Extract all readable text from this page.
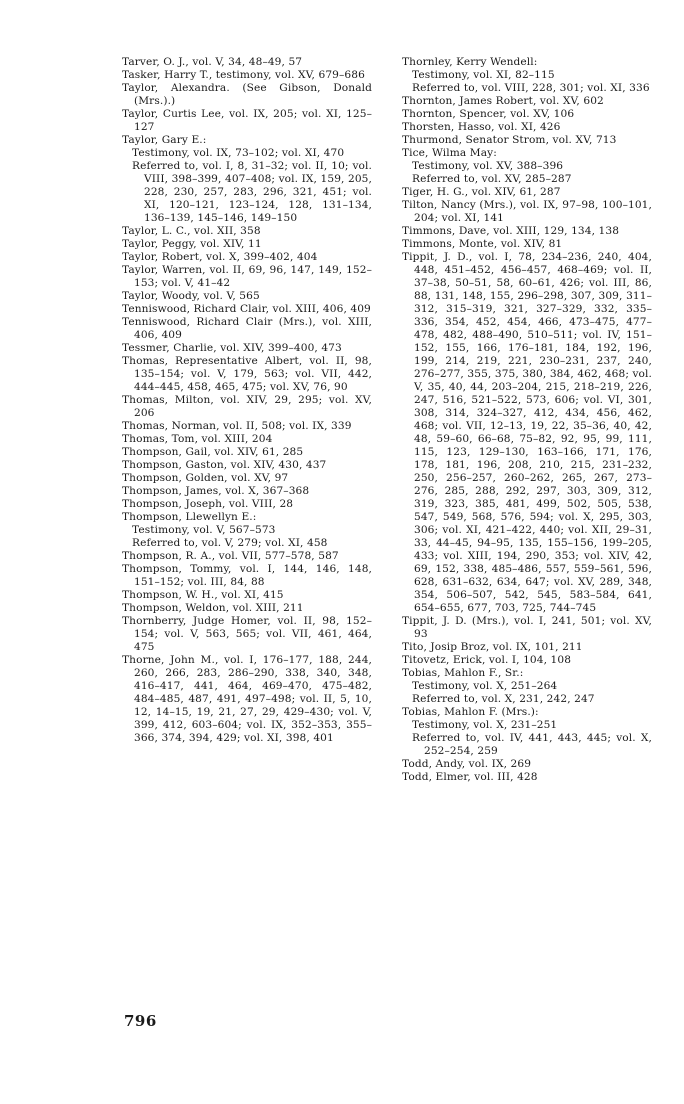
Tarver, O. J., vol. V, 34, 48–49, 57

Tasker, Harry T., testimony, vol. XV, 679–686

Taylor, Alexandra. (See Gibson, Donald (Mrs.).)

Taylor, Curtis Lee, vol. IX, 205; vol. XI, 125–127

Taylor, Gary E.:

Testimony, vol. IX, 73–102; vol. XI, 470

Referred to, vol. I, 8, 31–32; vol. II, 10; vol. VIII, 398–399, 407–408; vol. IX, 159, 205, 228, 230, 257, 283, 296, 321, 451; vol. XI, 120–121, 123–124, 128, 131–134, 136–139, 145–146, 149–150

Taylor, L. C., vol. XII, 358

Taylor, Peggy, vol. XIV, 11

Taylor, Robert, vol. X, 399–402, 404

Taylor, Warren, vol. II, 69, 96, 147, 149, 152–153; vol. V, 41–42

Taylor, Woody, vol. V, 565

Tenniswood, Richard Clair, vol. XIII, 406, 409

Tenniswood, Richard Clair (Mrs.), vol. XIII, 406, 409

Tessmer, Charlie, vol. XIV, 399–400, 473

Thomas, Representative Albert, vol. II, 98, 135–154; vol. V, 179, 563; vol. VII, 442, 444–445, 458, 465, 475; vol. XV, 76, 90

Thomas, Milton, vol. XIV, 29, 295; vol. XV, 206

Thomas, Norman, vol. II, 508; vol. IX, 339

Thomas, Tom, vol. XIII, 204

Thompson, Gail, vol. XIV, 61, 285

Thompson, Gaston, vol. XIV, 430, 437

Thompson, Golden, vol. XV, 97

Thompson, James, vol. X, 367–368

Thompson, Joseph, vol. VIII, 28

Thompson, Llewellyn E.:

Testimony, vol. V, 567–573

Referred to, vol. V, 279; vol. XI, 458

Thompson, R. A., vol. VII, 577–578, 587

Thompson, Tommy, vol. I, 144, 146, 148, 151–152; vol. III, 84, 88

Thompson, W. H., vol. XI, 415

Thompson, Weldon, vol. XIII, 211

Thornberry, Judge Homer, vol. II, 98, 152–154; vol. V, 563, 565; vol. VII, 461, 464, 475

Thorne, John M., vol. I, 176–177, 188, 244, 260, 266, 283, 286–290, 338, 340, 348, 416–417, 441, 464, 469–470, 475–482, 484–485, 487, 491, 497–498; vol. II, 5, 10, 12, 14–15, 19, 21, 27, 29, 429–430; vol. V, 399, 412, 603–604; vol. IX, 352–353, 355–366, 374, 394, 429; vol. XI, 398, 401

Thornley, Kerry Wendell:

Testimony, vol. XI, 82–115

Referred to, vol. VIII, 228, 301; vol. XI, 336

Thornton, James Robert, vol. XV, 602

Thornton, Spencer, vol. XV, 106

Thorsten, Hasso, vol. XI, 426

Thurmond, Senator Strom, vol. XV, 713

Tice, Wilma May:

Testimony, vol. XV, 388–396

Referred to, vol. XV, 285–287

Tiger, H. G., vol. XIV, 61, 287

Tilton, Nancy (Mrs.), vol. IX, 97–98, 100–101, 204; vol. XI, 141

Timmons, Dave, vol. XIII, 129, 134, 138

Timmons, Monte, vol. XIV, 81

Tippit, J. D., vol. I, 78, 234–236, 240, 404, 448, 451–452, 456–457, 468–469; vol. II, 37–38, 50–51, 58, 60–61, 426; vol. III, 86, 88, 131, 148, 155, 296–298, 307, 309, 311–312, 315–319, 321, 327–329, 332, 335–336, 354, 452, 454, 466, 473–475, 477–478, 482, 488–490, 510–511; vol. IV, 151–152, 155, 166, 176–181, 184, 192, 196, 199, 214, 219, 221, 230–231, 237, 240, 276–277, 355, 375, 380, 384, 462, 468; vol. V, 35, 40, 44, 203–204, 215, 218–219, 226, 247, 516, 521–522, 573, 606; vol. VI, 301, 308, 314, 324–327, 412, 434, 456, 462, 468; vol. VII, 12–13, 19, 22, 35–36, 40, 42, 48, 59–60, 66–68, 75–82, 92, 95, 99, 111, 115, 123, 129–130, 163–166, 171, 176, 178, 181, 196, 208, 210, 215, 231–232, 250, 256–257, 260–262, 265, 267, 273–276, 285, 288, 292, 297, 303, 309, 312, 319, 323, 385, 481, 499, 502, 505, 538, 547, 549, 568, 576, 594; vol. X, 295, 303, 306; vol. XI, 421–422, 440; vol. XII, 29–31, 33, 44–45, 94–95, 135, 155–156, 199–205, 433; vol. XIII, 194, 290, 353; vol. XIV, 42, 69, 152, 338, 485–486, 557, 559–561, 596, 628, 631–632, 634, 647; vol. XV, 289, 348, 354, 506–507, 542, 545, 583–584, 641, 654–655, 677, 703, 725, 744–745

Tippit, J. D. (Mrs.), vol. I, 241, 501; vol. XV, 93

Tito, Josip Broz, vol. IX, 101, 211

Titovetz, Erick, vol. I, 104, 108

Tobias, Mahlon F., Sr.:

Testimony, vol. X, 251–264

Referred to, vol. X, 231, 242, 247

Tobias, Mahlon F. (Mrs.):

Testimony, vol. X, 231–251

Referred to, vol. IV, 441, 443, 445; vol. X, 252–254, 259

Todd, Andy, vol. IX, 269

Todd, Elmer, vol. III, 428

796
